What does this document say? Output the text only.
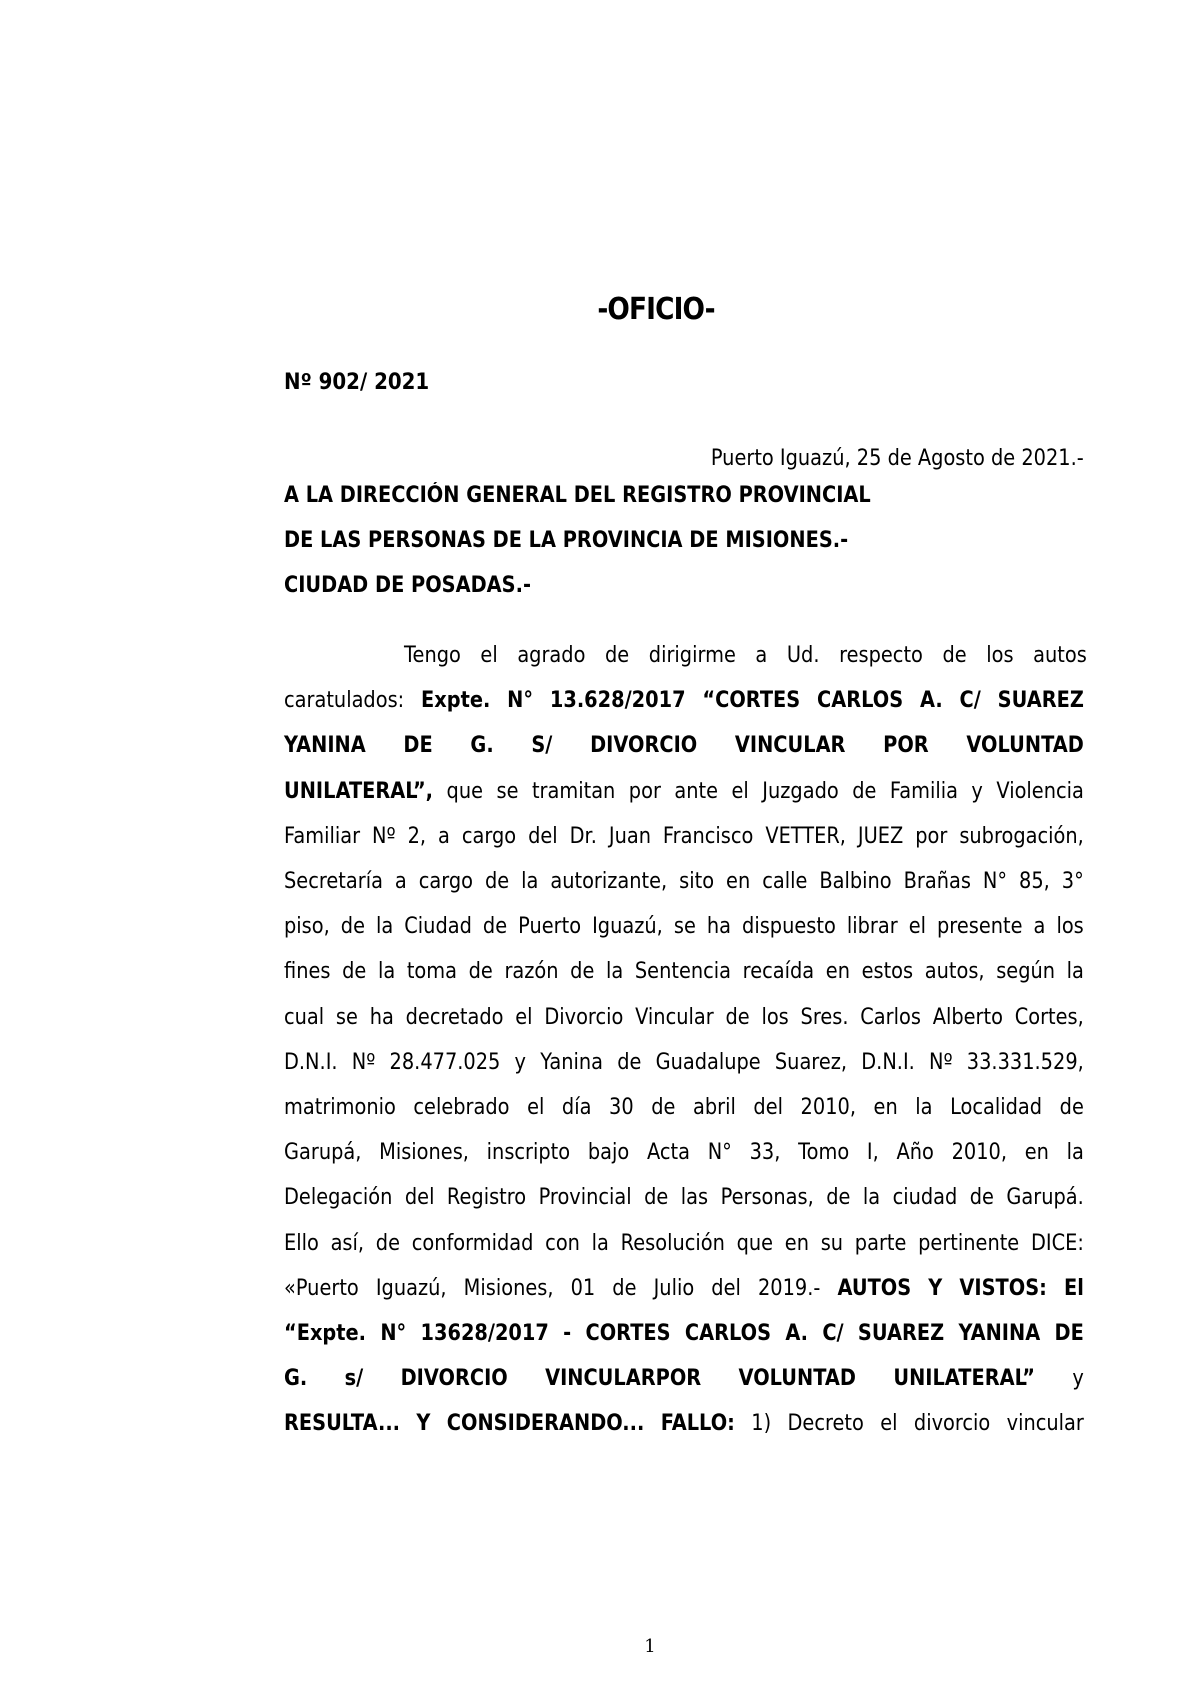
-OFICIO-
Nº 902/ 2021
Puerto Iguazú, 25 de Agosto de 2021.-
A LA DIRECCIÓN GENERAL DEL REGISTRO PROVINCIAL
DE LAS PERSONAS DE LA PROVINCIA DE MISIONES.-
CIUDAD DE POSADAS.-
Tengo el agrado de dirigirme a Ud. respecto de los autos
caratulados: Expte. N° 13.628/2017 “CORTES CARLOS A. C/ SUAREZ
YANINA DE G. S/ DIVORCIO VINCULAR POR VOLUNTAD
UNILATERAL”, que se tramitan por ante el Juzgado de Familia y Violencia
Familiar Nº 2, a cargo del Dr. Juan Francisco VETTER, JUEZ por subrogación,
Secretaría a cargo de la autorizante, sito en calle Balbino Brañas N° 85, 3°
piso, de la Ciudad de Puerto Iguazú, se ha dispuesto librar el presente a los
fines de la toma de razón de la Sentencia recaída en estos autos, según la
cual se ha decretado el Divorcio Vincular de los Sres. Carlos Alberto Cortes,
D.N.I. Nº 28.477.025 y Yanina de Guadalupe Suarez, D.N.I. Nº 33.331.529,
matrimonio celebrado el día 30 de abril del 2010, en la Localidad de
Garupá, Misiones, inscripto bajo Acta N° 33, Tomo I, Año 2010, en la
Delegación del Registro Provincial de las Personas, de la ciudad de Garupá.
Ello así, de conformidad con la Resolución que en su parte pertinente DICE:
«Puerto Iguazú, Misiones, 01 de Julio del 2019.- AUTOS Y VISTOS: El
“Expte. N° 13628/2017 - CORTES CARLOS A. C/ SUAREZ YANINA DE
G. s/ DIVORCIO VINCULARPOR VOLUNTAD UNILATERAL” y
RESULTA... Y CONSIDERANDO... FALLO: 1) Decreto el divorcio vincular
1
